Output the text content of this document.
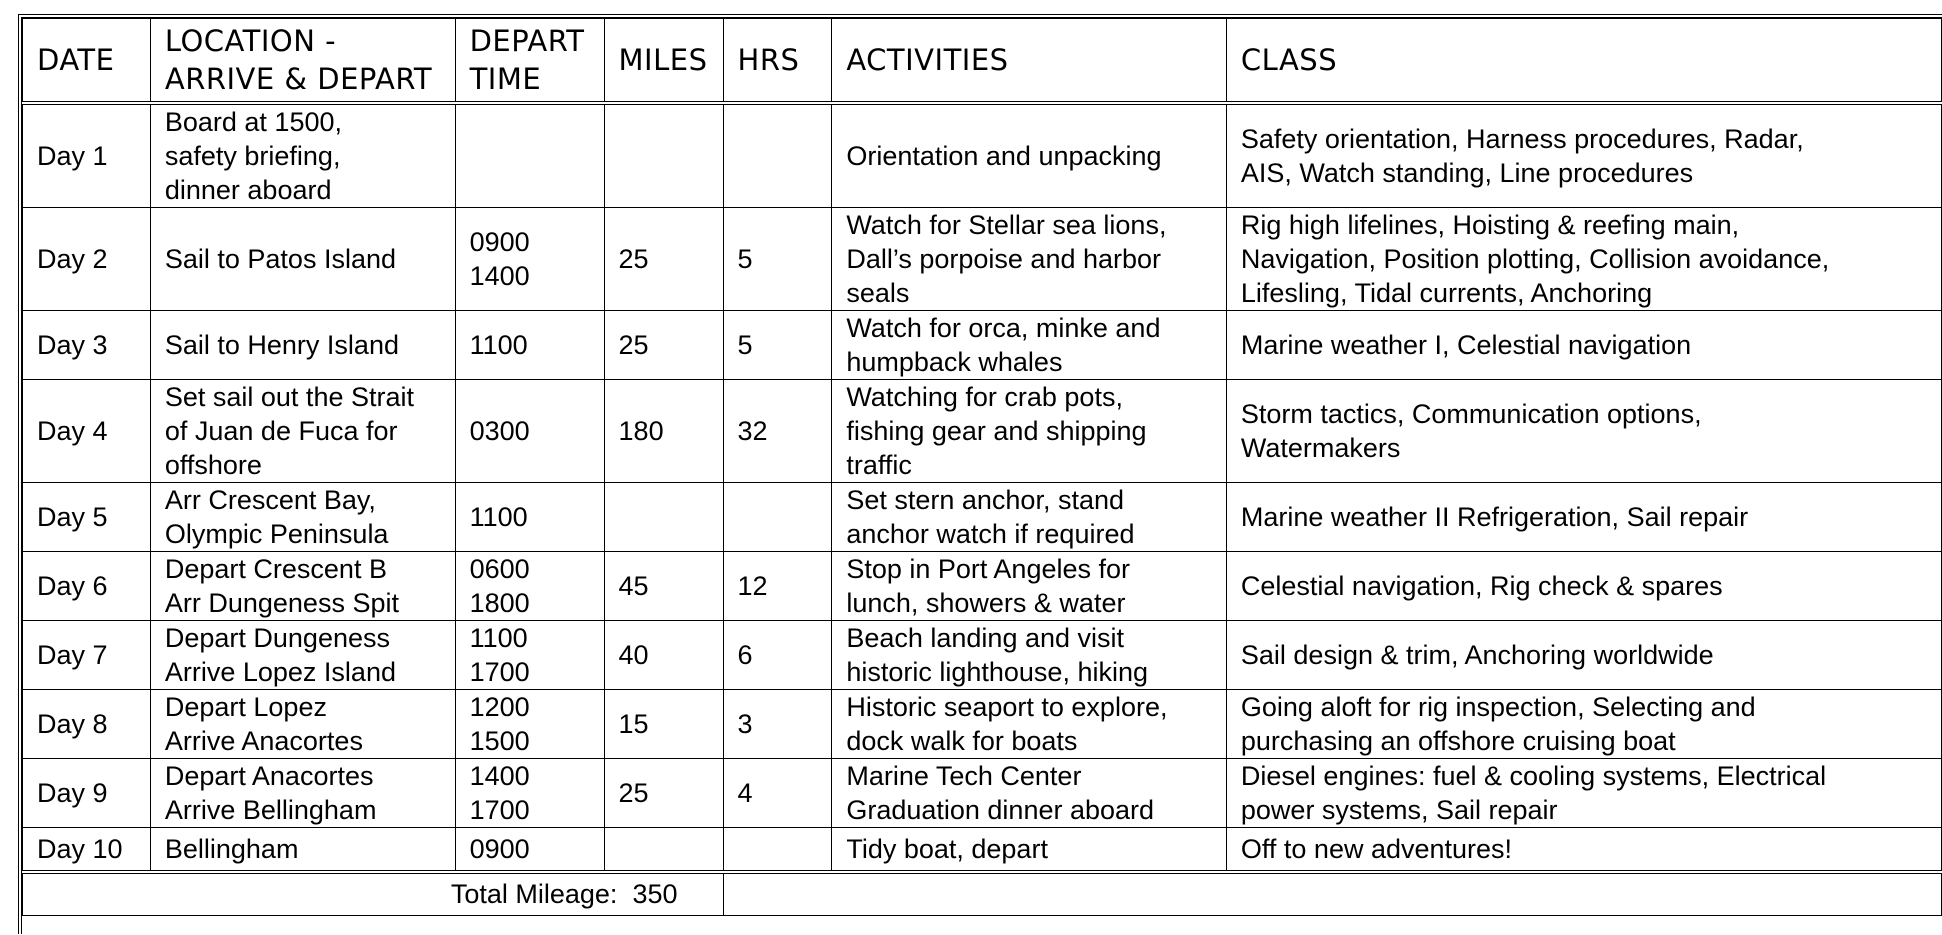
DATE	LOCATION -
ARRIVE & DEPART	DEPART
TIME	MILES	HRS	ACTIVITIES	CLASS

Day 1	Board at 1500,
safety briefing,
dinner aboard				Orientation and unpacking	Safety orientation, Harness procedures, Radar,
AIS, Watch standing, Line procedures

Day 2	Sail to Patos Island	0900
1400	25	5	Watch for Stellar sea lions,
Dall’s porpoise and harbor
seals	Rig high lifelines, Hoisting & reefing main,
Navigation, Position plotting, Collision avoidance,
Lifesling, Tidal currents, Anchoring

Day 3	Sail to Henry Island	1100	25	5	Watch for orca, minke and
humpback whales	Marine weather I, Celestial navigation

Day 4	Set sail out the Strait
of Juan de Fuca for
offshore	0300	180	32	Watching for crab pots,
fishing gear and shipping
traffic	Storm tactics, Communication options,
Watermakers

Day 5	Arr Crescent Bay,
Olympic Peninsula	1100			Set stern anchor, stand
anchor watch if required	Marine weather II Refrigeration, Sail repair

Day 6	Depart Crescent B
Arr Dungeness Spit	0600
1800	45	12	Stop in Port Angeles for
lunch, showers & water	Celestial navigation, Rig check & spares

Day 7	Depart Dungeness
Arrive Lopez Island	1100
1700	40	6	Beach landing and visit
historic lighthouse, hiking	Sail design & trim, Anchoring worldwide

Day 8	Depart Lopez
Arrive Anacortes	1200
1500	15	3	Historic seaport to explore,
dock walk for boats	Going aloft for rig inspection, Selecting and
purchasing an offshore cruising boat

Day 9	Depart Anacortes
Arrive Bellingham	1400
1700	25	4	Marine Tech Center
Graduation dinner aboard	Diesel engines: fuel & cooling systems, Electrical
power systems, Sail repair

Day 10	Bellingham	0900			Tidy boat, depart	Off to new adventures!

Total Mileage: 350						
